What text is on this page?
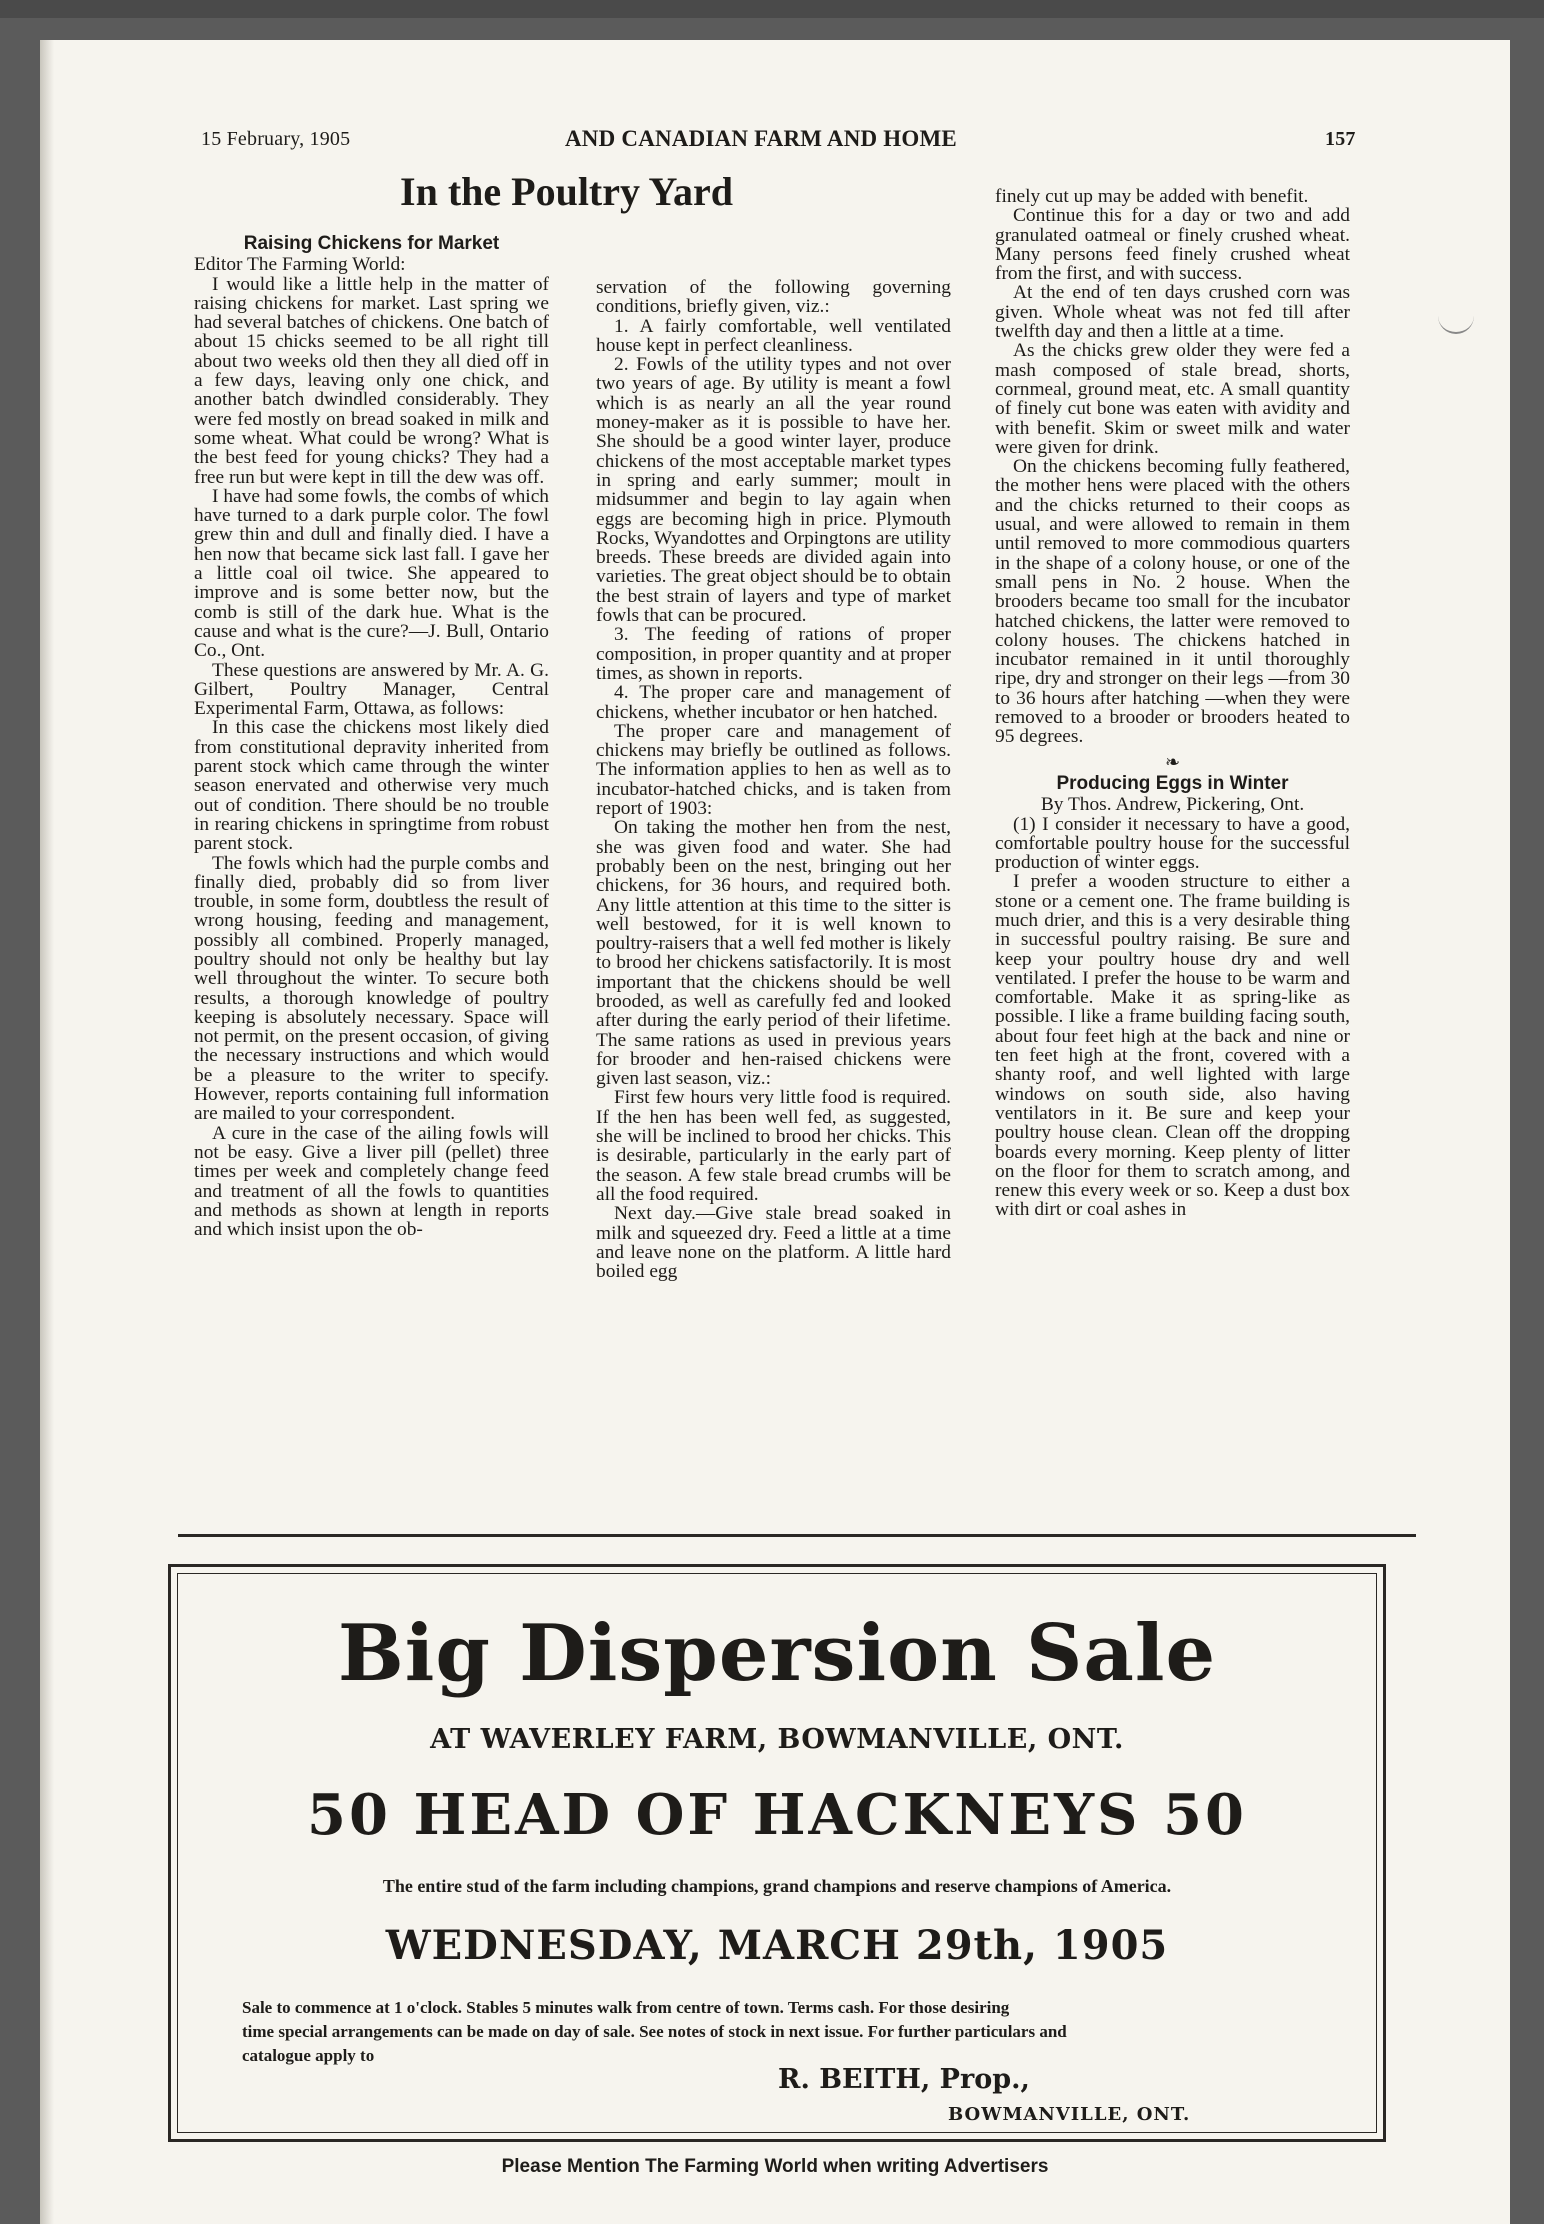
15 February, 1905	AND CANADIAN FARM AND HOME	157
In the Poultry Yard
Raising Chickens for Market

Editor The Farming World:

I would like a little help in the matter of raising chickens for market. Last spring we had several batches of chickens. One batch of about 15 chicks seemed to be all right till about two weeks old then they all died off in a few days, leaving only one chick, and another batch dwindled considerably. They were fed mostly on bread soaked in milk and some wheat. What could be wrong? What is the best feed for young chicks? They had a free run but were kept in till the dew was off.

I have had some fowls, the combs of which have turned to a dark purple color. The fowl grew thin and dull and finally died. I have a hen now that became sick last fall. I gave her a little coal oil twice. She appeared to improve and is some better now, but the comb is still of the dark hue. What is the cause and what is the cure?—J. Bull, Ontario Co., Ont.

These questions are answered by Mr. A. G. Gilbert, Poultry Manager, Central Experimental Farm, Ottawa, as follows:

In this case the chickens most likely died from constitutional depravity inherited from parent stock which came through the winter season enervated and otherwise very much out of condition. There should be no trouble in rearing chickens in springtime from robust parent stock.

The fowls which had the purple combs and finally died, probably did so from liver trouble, in some form, doubtless the result of wrong housing, feeding and management, possibly all combined. Properly managed, poultry should not only be healthy but lay well throughout the winter. To secure both results, a thorough knowledge of poultry keeping is absolutely necessary. Space will not permit, on the present occasion, of giving the necessary instructions and which would be a pleasure to the writer to specify. However, reports containing full information are mailed to your correspondent.

A cure in the case of the ailing fowls will not be easy. Give a liver pill (pellet) three times per week and completely change feed and treatment of all the fowls to quantities and methods as shown at length in reports and which insist upon the ob-

servation of the following governing conditions, briefly given, viz.:

1. A fairly comfortable, well ventilated house kept in perfect cleanliness.

2. Fowls of the utility types and not over two years of age. By utility is meant a fowl which is as nearly an all the year round money-maker as it is possible to have her. She should be a good winter layer, produce chickens of the most acceptable market types in spring and early summer; moult in midsummer and begin to lay again when eggs are becoming high in price. Plymouth Rocks, Wyandottes and Orpingtons are utility breeds. These breeds are divided again into varieties. The great object should be to obtain the best strain of layers and type of market fowls that can be procured.

3. The feeding of rations of proper composition, in proper quantity and at proper times, as shown in reports.

4. The proper care and management of chickens, whether incubator or hen hatched.

The proper care and management of chickens may briefly be outlined as follows. The information applies to hen as well as to incubator-hatched chicks, and is taken from report of 1903:

On taking the mother hen from the nest, she was given food and water. She had probably been on the nest, bringing out her chickens, for 36 hours, and required both. Any little attention at this time to the sitter is well bestowed, for it is well known to poultry-raisers that a well fed mother is likely to brood her chickens satisfactorily. It is most important that the chickens should be well brooded, as well as carefully fed and looked after during the early period of their lifetime. The same rations as used in previous years for brooder and hen-raised chickens were given last season, viz.:

First few hours very little food is required. If the hen has been well fed, as suggested, she will be inclined to brood her chicks. This is desirable, particularly in the early part of the season. A few stale bread crumbs will be all the food required.

Next day.—Give stale bread soaked in milk and squeezed dry. Feed a little at a time and leave none on the platform. A little hard boiled egg

finely cut up may be added with benefit.

Continue this for a day or two and add granulated oatmeal or finely crushed wheat. Many persons feed finely crushed wheat from the first, and with success.

At the end of ten days crushed corn was given. Whole wheat was not fed till after twelfth day and then a little at a time.

As the chicks grew older they were fed a mash composed of stale bread, shorts, cornmeal, ground meat, etc. A small quantity of finely cut bone was eaten with avidity and with benefit. Skim or sweet milk and water were given for drink.

On the chickens becoming fully feathered, the mother hens were placed with the others and the chicks returned to their coops as usual, and were allowed to remain in them until removed to more commodious quarters in the shape of a colony house, or one of the small pens in No. 2 house. When the brooders became too small for the incubator hatched chickens, the latter were removed to colony houses. The chickens hatched in incubator remained in it until thoroughly ripe, dry and stronger on their legs —from 30 to 36 hours after hatching —when they were removed to a brooder or brooders heated to 95 degrees.

❧
Producing Eggs in Winter

By Thos. Andrew, Pickering, Ont.

(1) I consider it necessary to have a good, comfortable poultry house for the successful production of winter eggs.

I prefer a wooden structure to either a stone or a cement one. The frame building is much drier, and this is a very desirable thing in successful poultry raising. Be sure and keep your poultry house dry and well ventilated. I prefer the house to be warm and comfortable. Make it as spring-like as possible. I like a frame building facing south, about four feet high at the back and nine or ten feet high at the front, covered with a shanty roof, and well lighted with large windows on south side, also having ventilators in it. Be sure and keep your poultry house clean. Clean off the dropping boards every morning. Keep plenty of litter on the floor for them to scratch among, and renew this every week or so. Keep a dust box with dirt or coal ashes in

Big Dispersion Sale
AT WAVERLEY FARM, BOWMANVILLE, ONT.
50 HEAD OF HACKNEYS 50
The entire stud of the farm including champions, grand champions and reserve champions of America.
WEDNESDAY, MARCH 29th, 1905
Sale to commence at 1 o'clock. Stables 5 minutes walk from centre of town. Terms cash. For those desiring
time special arrangements can be made on day of sale. See notes of stock in next issue. For further particulars and
catalogue apply to
R. BEITH, Prop.,
BOWMANVILLE, ONT.
Please Mention The Farming World when writing Advertisers
